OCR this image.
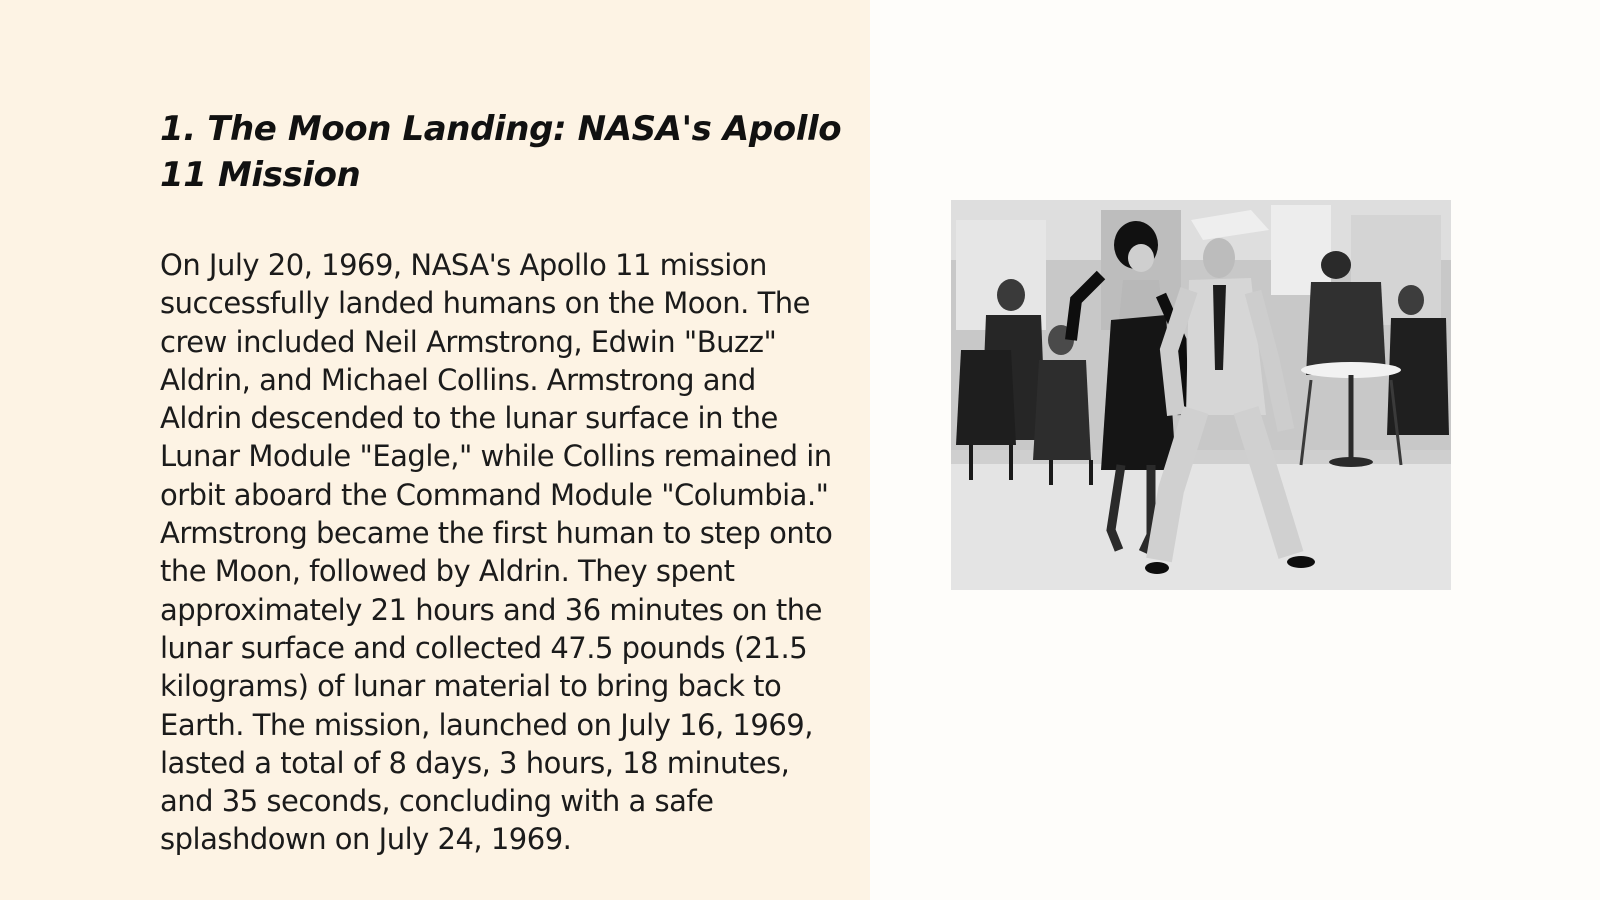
1. The Moon Landing: NASA's Apollo 11 Mission

On July 20, 1969, NASA's Apollo 11 mission successfully landed humans on the Moon. The crew included Neil Armstrong, Edwin "Buzz" Aldrin, and Michael Collins. Armstrong and Aldrin descended to the lunar surface in the Lunar Module "Eagle," while Collins remained in orbit aboard the Command Module "Columbia." Armstrong became the first human to step onto the Moon, followed by Aldrin. They spent approximately 21 hours and 36 minutes on the lunar surface and collected 47.5 pounds (21.5 kilograms) of lunar material to bring back to Earth. The mission, launched on July 16, 1969, lasted a total of 8 days, 3 hours, 18 minutes, and 35 seconds, concluding with a safe splashdown on July 24, 1969.
